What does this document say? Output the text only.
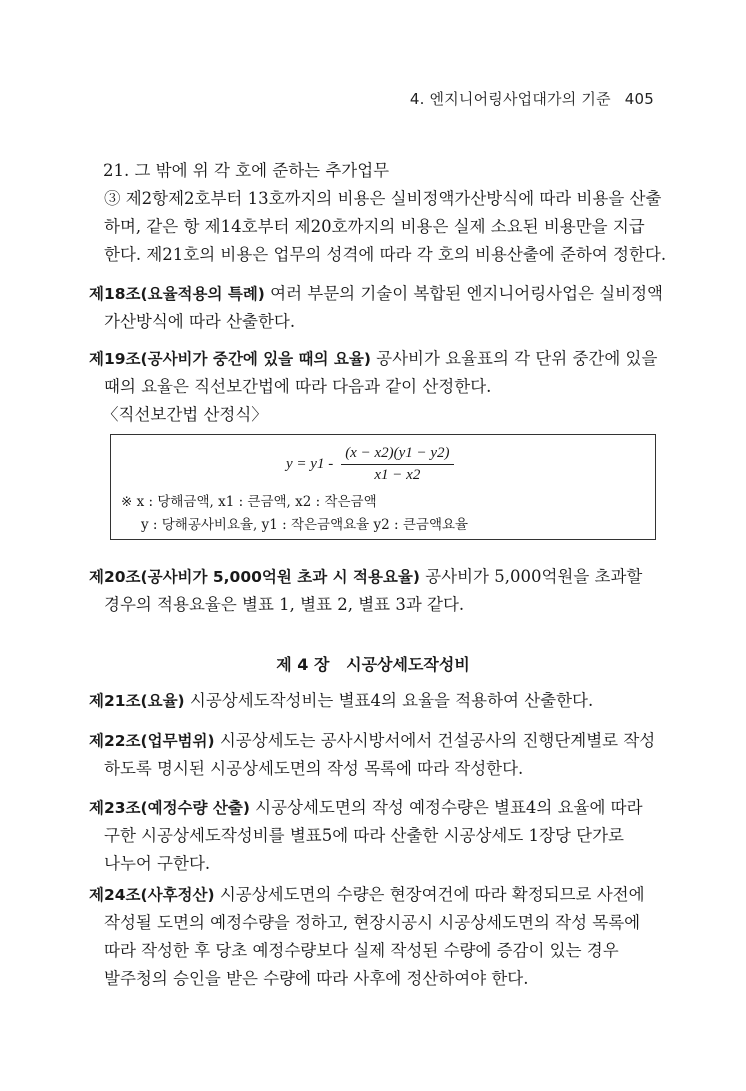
4. 엔지니어링사업대가의 기준 405
21. 그 밖에 위 각 호에 준하는 추가업무
③ 제2항제2호부터 13호까지의 비용은 실비정액가산방식에 따라 비용을 산출
하며, 같은 항 제14호부터 제20호까지의 비용은 실제 소요된 비용만을 지급
한다. 제21호의 비용은 업무의 성격에 따라 각 호의 비용산출에 준하여 정한다.
제18조(요율적용의 특례) 여러 부문의 기술이 복합된 엔지니어링사업은 실비정액
가산방식에 따라 산출한다.
제19조(공사비가 중간에 있을 때의 요율) 공사비가 요율표의 각 단위 중간에 있을
때의 요율은 직선보간법에 따라 다음과 같이 산정한다.
〈직선보간법 산정식〉
$y = y1 - \frac{(x - x2)(y1 - y2)}{x1 - x2}$
※ x : 당해금액, x1 : 큰금액, x2 : 작은금액
y : 당해공사비요율, y1 : 작은금액요율 y2 : 큰금액요율
제20조(공사비가 5,000억원 초과 시 적용요율) 공사비가 5,000억원을 초과할
경우의 적용요율은 별표 1, 별표 2, 별표 3과 같다.
제 4 장 시공상세도작성비
제21조(요율) 시공상세도작성비는 별표4의 요율을 적용하여 산출한다.
제22조(업무범위) 시공상세도는 공사시방서에서 건설공사의 진행단계별로 작성
하도록 명시된 시공상세도면의 작성 목록에 따라 작성한다.
제23조(예정수량 산출) 시공상세도면의 작성 예정수량은 별표4의 요율에 따라
구한 시공상세도작성비를 별표5에 따라 산출한 시공상세도 1장당 단가로
나누어 구한다.
제24조(사후정산) 시공상세도면의 수량은 현장여건에 따라 확정되므로 사전에
작성될 도면의 예정수량을 정하고, 현장시공시 시공상세도면의 작성 목록에
따라 작성한 후 당초 예정수량보다 실제 작성된 수량에 증감이 있는 경우
발주청의 승인을 받은 수량에 따라 사후에 정산하여야 한다.
